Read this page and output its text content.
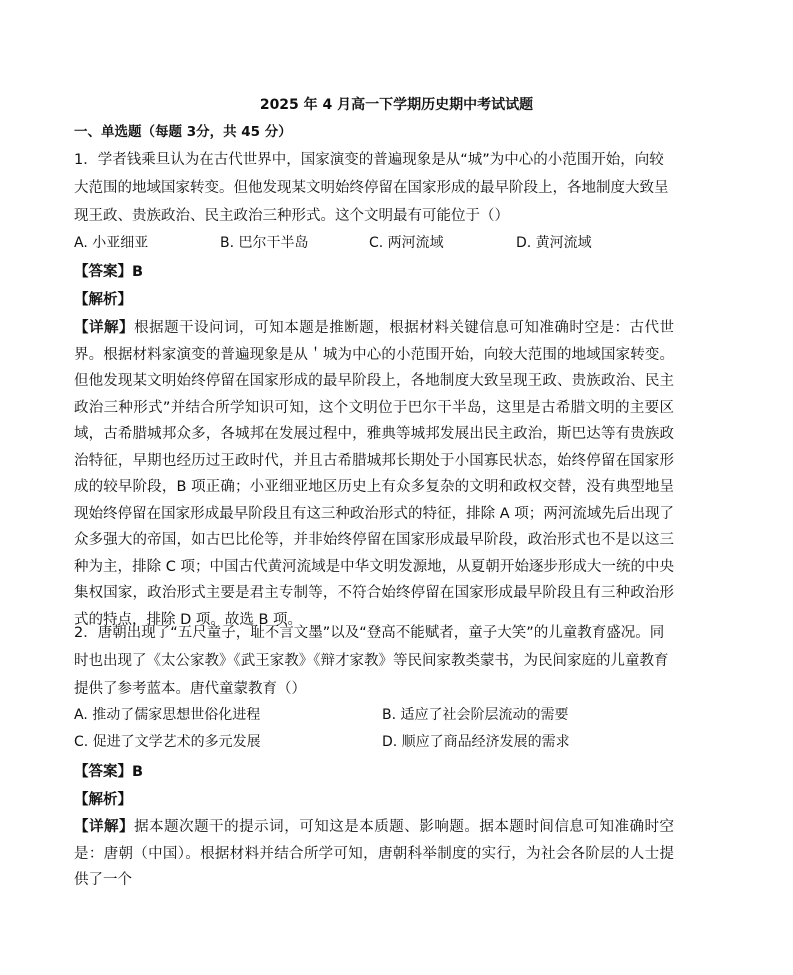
2025 年 4 月高一下学期历史期中考试试题
一、单选题（每题 3分，共 45 分）

1．学者钱乘旦认为在古代世界中，国家演变的普遍现象是从“城”为中心的小范围开始，向较大范围的地域国家转变。但他发现某文明始终停留在国家形成的最早阶段上，各地制度大致呈现王政、贵族政治、民主政治三种形式。这个文明最有可能位于（）

A. 小亚细亚	B. 巴尔干半岛	C. 两河流域	D. 黄河流域
【答案】B
【解析】
【详解】根据题干设问词，可知本题是推断题，根据材料关键信息可知准确时空是：古代世界。根据材料家演变的普遍现象是从＇城为中心的小范围开始，向较大范围的地域国家转变。但他发现某文明始终停留在国家形成的最早阶段上，各地制度大致呈现王政、贵族政治、民主政治三种形式”并结合所学知识可知，这个文明位于巴尔干半岛，这里是古希腊文明的主要区域，古希腊城邦众多，各城邦在发展过程中，雅典等城邦发展出民主政治，斯巴达等有贵族政治特征，早期也经历过王政时代，并且古希腊城邦长期处于小国寡民状态，始终停留在国家形成的较早阶段，B 项正确；小亚细亚地区历史上有众多复杂的文明和政权交替，没有典型地呈现始终停留在国家形成最早阶段且有这三种政治形式的特征，排除 A 项；两河流域先后出现了众多强大的帝国，如古巴比伦等，并非始终停留在国家形成最早阶段，政治形式也不是以这三种为主，排除 C 项；中国古代黄河流域是中华文明发源地，从夏朝开始逐步形成大一统的中央集权国家，政治形式主要是君主专制等，不符合始终停留在国家形成最早阶段且有三种政治形式的特点，排除 D 项。故选 B 项。

2．唐朝出现了“五尺童子，耻不言文墨”以及“登高不能赋者，童子大笑”的儿童教育盛况。同时也出现了《太公家教》《武王家教》《辩才家教》等民间家教类蒙书，为民间家庭的儿童教育提供了参考蓝本。唐代童蒙教育（）

A. 推动了儒家思想世俗化进程	B. 适应了社会阶层流动的需要
C. 促进了文学艺术的多元发展	D. 顺应了商品经济发展的需求
【答案】B
【解析】
【详解】据本题次题干的提示词，可知这是本质题、影响题。据本题时间信息可知准确时空是：唐朝（中国）。根据材料并结合所学可知，唐朝科举制度的实行，为社会各阶层的人士提供了一个
